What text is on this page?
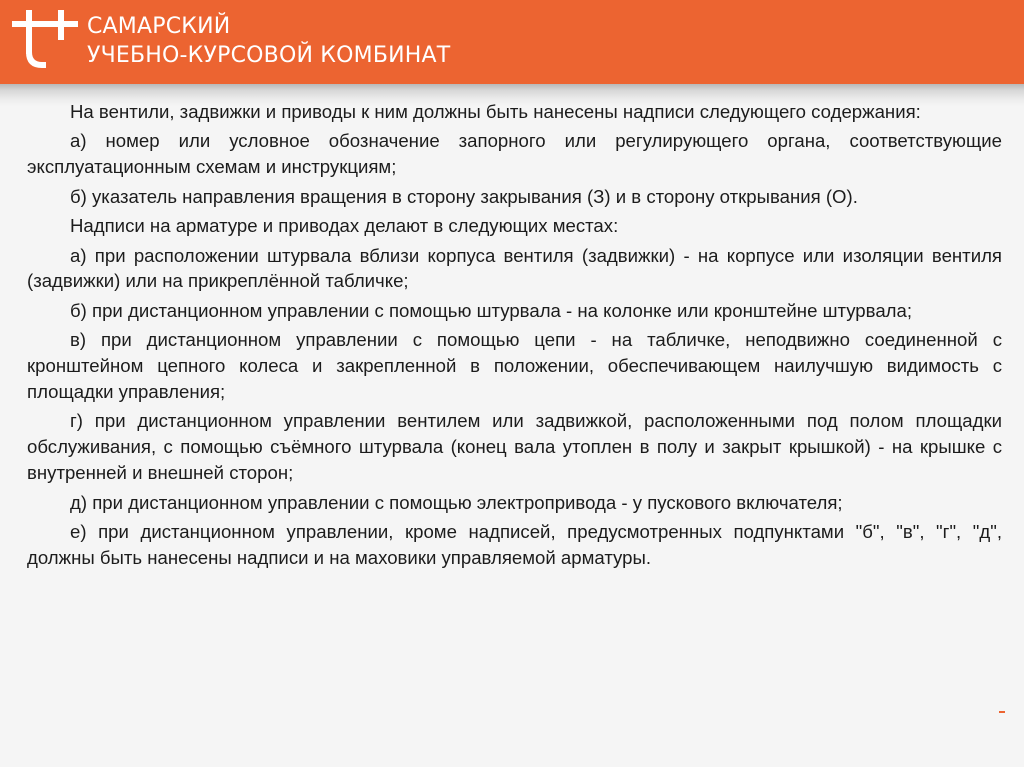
САМАРСКИЙ
УЧЕБНО-КУРСОВОЙ КОМБИНАТ

На вентили, задвижки и приводы к ним должны быть нанесены надписи следующего содержания:

а) номер или условное обозначение запорного или регулирующего органа, соответствующие эксплуатационным схемам и инструкциям;

б) указатель направления вращения в сторону закрывания (З) и в сторону открывания (О).

Надписи на арматуре и приводах делают в следующих местах:

а) при расположении штурвала вблизи корпуса вентиля (задвижки) - на корпусе или изоляции вентиля (задвижки) или на прикреплённой табличке;

б) при дистанционном управлении с помощью штурвала - на колонке или кронштейне штурвала;

в) при дистанционном управлении с помощью цепи - на табличке, неподвижно соединенной с кронштейном цепного колеса и закрепленной в положении, обеспечивающем наилучшую видимость с площадки управления;

г) при дистанционном управлении вентилем или задвижкой, расположенными под полом площадки обслуживания, с помощью съёмного штурвала (конец вала утоплен в полу и закрыт крышкой) - на крышке с внутренней и внешней сторон;

д) при дистанционном управлении с помощью электропривода - у пускового включателя;

е) при дистанционном управлении, кроме надписей, предусмотренных подпунктами "б", "в", "г", "д", должны быть нанесены надписи и на маховики управляемой арматуры.
